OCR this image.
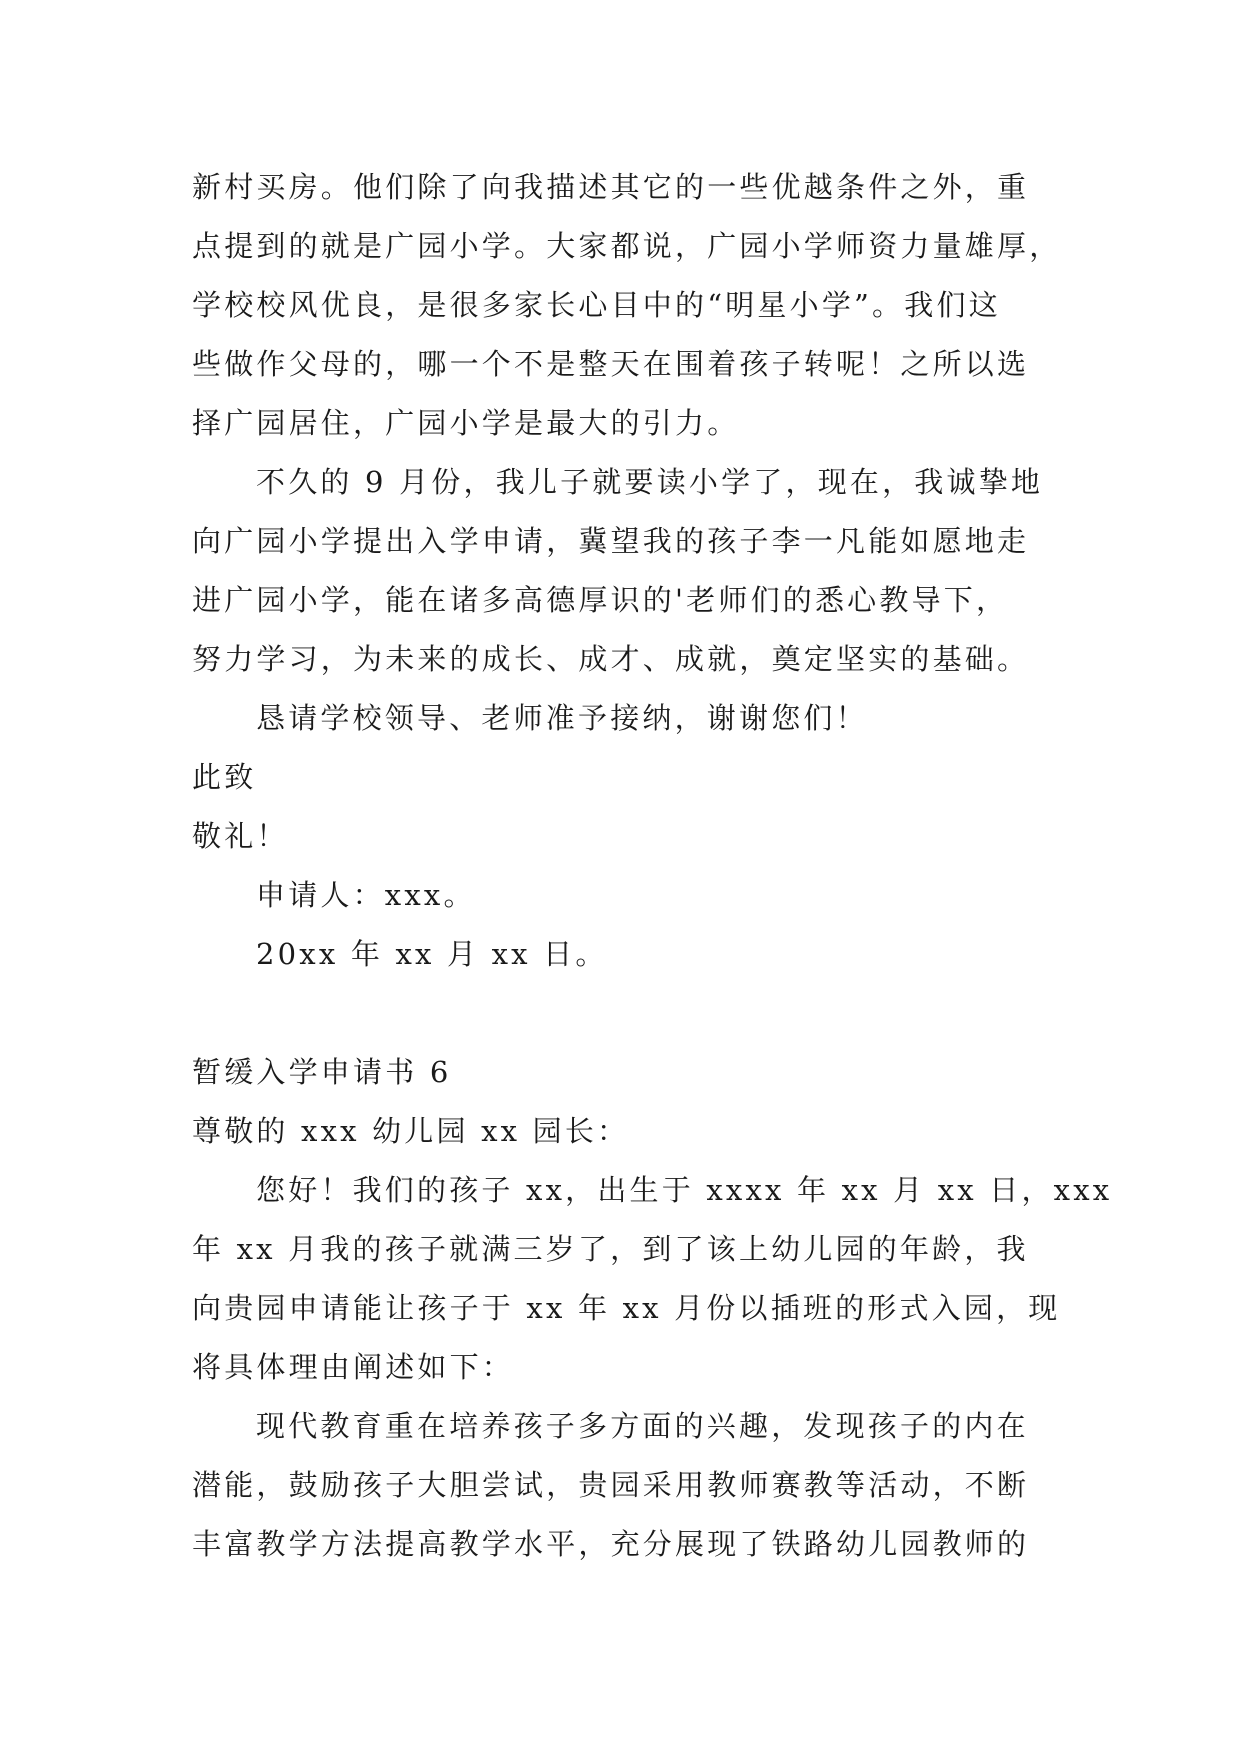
新村买房。他们除了向我描述其它的一些优越条件之外，重
点提到的就是广园小学。大家都说，广园小学师资力量雄厚，
学校校风优良，是很多家长心目中的“明星小学”。我们这
些做作父母的，哪一个不是整天在围着孩子转呢！之所以选
择广园居住，广园小学是最大的引力。
不久的 9 月份，我儿子就要读小学了，现在，我诚挚地
向广园小学提出入学申请，冀望我的孩子李一凡能如愿地走
进广园小学，能在诸多高德厚识的'老师们的悉心教导下，
努力学习，为未来的成长、成才、成就，奠定坚实的基础。
恳请学校领导、老师准予接纳，谢谢您们！
此致
敬礼！
申请人：xxx。
20xx 年 xx 月 xx 日。
暂缓入学申请书 6
尊敬的 xxx 幼儿园 xx 园长：
您好！我们的孩子 xx，出生于 xxxx 年 xx 月 xx 日，xxx
年 xx 月我的孩子就满三岁了，到了该上幼儿园的年龄，我
向贵园申请能让孩子于 xx 年 xx 月份以插班的形式入园，现
将具体理由阐述如下：
现代教育重在培养孩子多方面的兴趣，发现孩子的内在
潜能，鼓励孩子大胆尝试，贵园采用教师赛教等活动，不断
丰富教学方法提高教学水平，充分展现了铁路幼儿园教师的
